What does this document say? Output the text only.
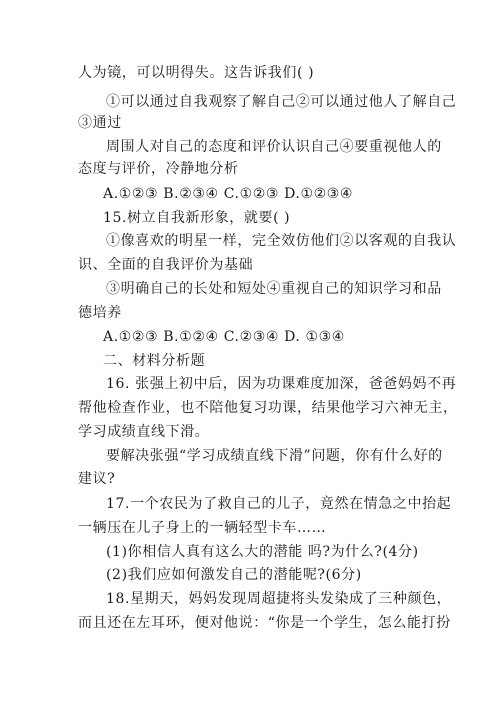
人为镜，可以明得失。这告诉我们( )
①可以通过自我观察了解自己②可以通过他人了解自己
③通过
周围人对自己的态度和评价认识自己④要重视他人的
态度与评价，冷静地分析
A.①②③ B.②③④ C.①②③ D.①②③④
15.树立自我新形象，就要( )
①像喜欢的明星一样，完全效仿他们②以客观的自我认
识、全面的自我评价为基础
③明确自己的长处和短处④重视自己的知识学习和品
德培养
A.①②③ B.①②④ C.②③④ D. ①③④
二、材料分析题
16. 张强上初中后，因为功课难度加深，爸爸妈妈不再
帮他检查作业，也不陪他复习功课，结果他学习六神无主，
学习成绩直线下滑。
要解决张强“学习成绩直线下滑”问题，你有什么好的
建议?
17.一个农民为了救自己的儿子，竟然在情急之中抬起
一辆压在儿子身上的一辆轻型卡车……
(1)你相信人真有这么大的潜能 吗?为什么?(4分)
(2)我们应如何激发自己的潜能呢?(6分)
18.星期天，妈妈发现周超捷将头发染成了三种颜色，
而且还在左耳环，便对他说：“你是一个学生，怎么能打扮
